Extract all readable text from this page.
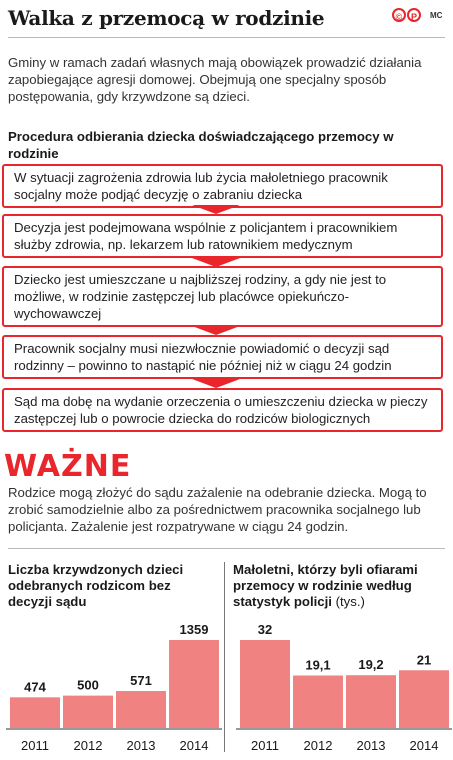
Walka z przemocą w rodzinie	© P	MC
Gminy w ramach zadań własnych mają obowiązek prowadzić działania zapobiegające agresji domowej. Obejmują one specjalny sposób postępowania, gdy krzywdzone są dzieci.
Procedura odbierania dziecka doświadczającego przemocy w rodzinie
W sytuacji zagrożenia zdrowia lub życia małoletniego pracownik socjalny może podjąć decyzję o zabraniu dziecka
Decyzja jest podejmowana wspólnie z policjantem i pracownikiem służby zdrowia, np. lekarzem lub ratownikiem medycznym
Dziecko jest umieszczane u najbliższej rodziny, a gdy nie jest to możliwe, w rodzinie zastępczej lub placówce opiekuńczo-wychowawczej
Pracownik socjalny musi niezwłocznie powiadomić o decyzji sąd rodzinny – powinno to nastąpić nie później niż w ciągu 24 godzin
Sąd ma dobę na wydanie orzeczenia o umieszczeniu dziecka w pieczy zastępczej lub o powrocie dziecka do rodziców biologicznych
WAŻNE
Rodzice mogą złożyć do sądu zażalenie na odebranie dziecka. Mogą to zrobić samodzielnie albo za pośrednictwem pracownika socjalnego lub policjanta. Zażalenie jest rozpatrywane w ciągu 24 godzin.
Liczba krzywdzonych dzieci odebranych rodzicom bez decyzji sądu
Małoletni, którzy byli ofiarami przemocy w rodzinie według statystyk policji (tys.)
474
2011
500
2012
571
2013
1359
2014
32
2011
19,1
2012
19,2
2013
21
2014
